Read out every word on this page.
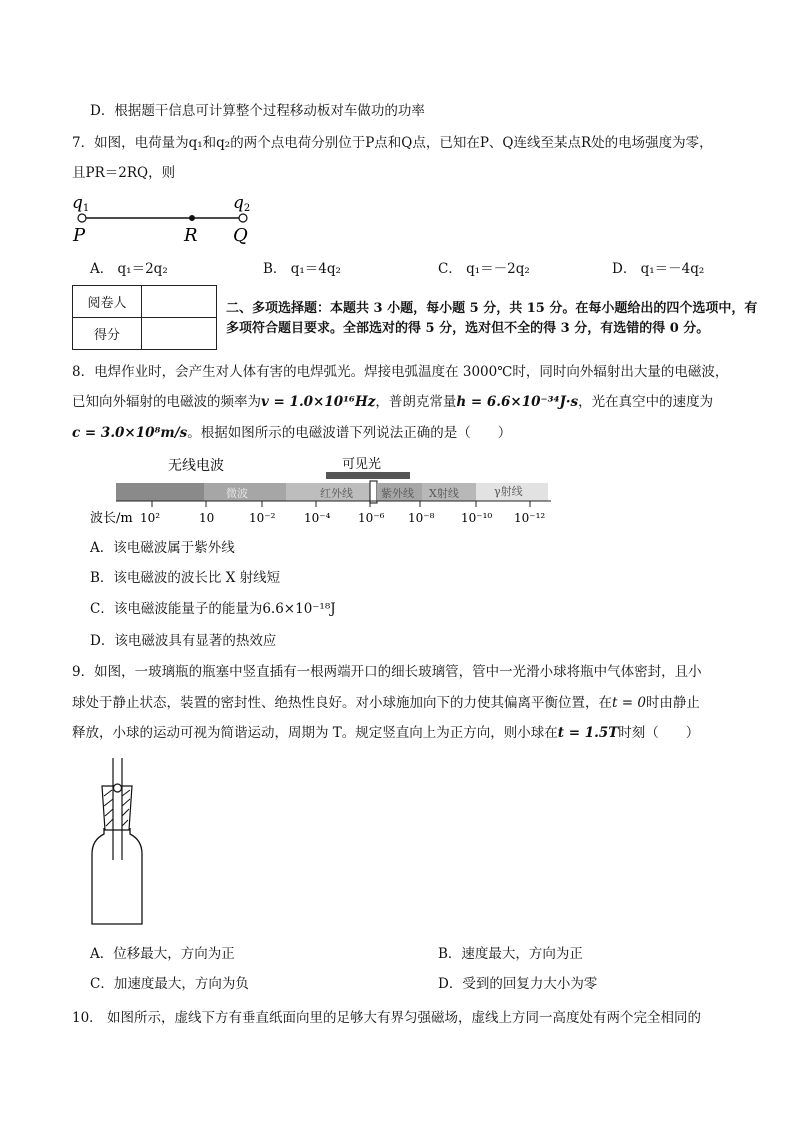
D．根据题干信息可计算整个过程移动板对车做功的功率
7．如图，电荷量为q₁和q₂的两个点电荷分别位于P点和Q点，已知在P、Q连线至某点R处的电场强度为零，
且PR＝2RQ，则
q1	q2
P	R Q
A． q₁＝2q₂	B． q₁＝4q₂	C． q₁＝－2q₂	D． q₁＝－4q₂
阅卷人	
得分	
二、多项选择题：本题共 3 小题，每小题 5 分，共 15 分。在每小题给出的四个选项中，有
多项符合题目要求。全部选对的得 5 分，选对但不全的得 3 分，有选错的得 0 分。
8．电焊作业时，会产生对人体有害的电焊弧光。焊接电弧温度在 3000℃时，同时向外辐射出大量的电磁波，
已知向外辐射的电磁波的频率为v = 1.0×10¹⁶Hz，普朗克常量h = 6.6×10⁻³⁴J·s，光在真空中的速度为
c = 3.0×10⁸m/s。根据如图所示的电磁波谱下列说法正确的是（　　）
无线电波	可见光
微波	红外线	紫外线 X射线	γ射线
波长/m 10²	10	10⁻² 10⁻⁴ 10⁻⁶ 10⁻⁸ 10⁻¹⁰ 10⁻¹²
A．该电磁波属于紫外线
B．该电磁波的波长比 X 射线短
C．该电磁波能量子的能量为6.6×10⁻¹⁸J
D．该电磁波具有显著的热效应
9．如图，一玻璃瓶的瓶塞中竖直插有一根两端开口的细长玻璃管，管中一光滑小球将瓶中气体密封，且小
球处于静止状态，装置的密封性、绝热性良好。对小球施加向下的力使其偏离平衡位置，在t = 0时由静止
释放，小球的运动可视为简谐运动，周期为 T。规定竖直向上为正方向，则小球在t = 1.5T时刻（　　）
A．位移最大，方向为正	B．速度最大，方向为正
C．加速度最大，方向为负	D．受到的回复力大小为零
10． 如图所示，虚线下方有垂直纸面向里的足够大有界匀强磁场，虚线上方同一高度处有两个完全相同的
